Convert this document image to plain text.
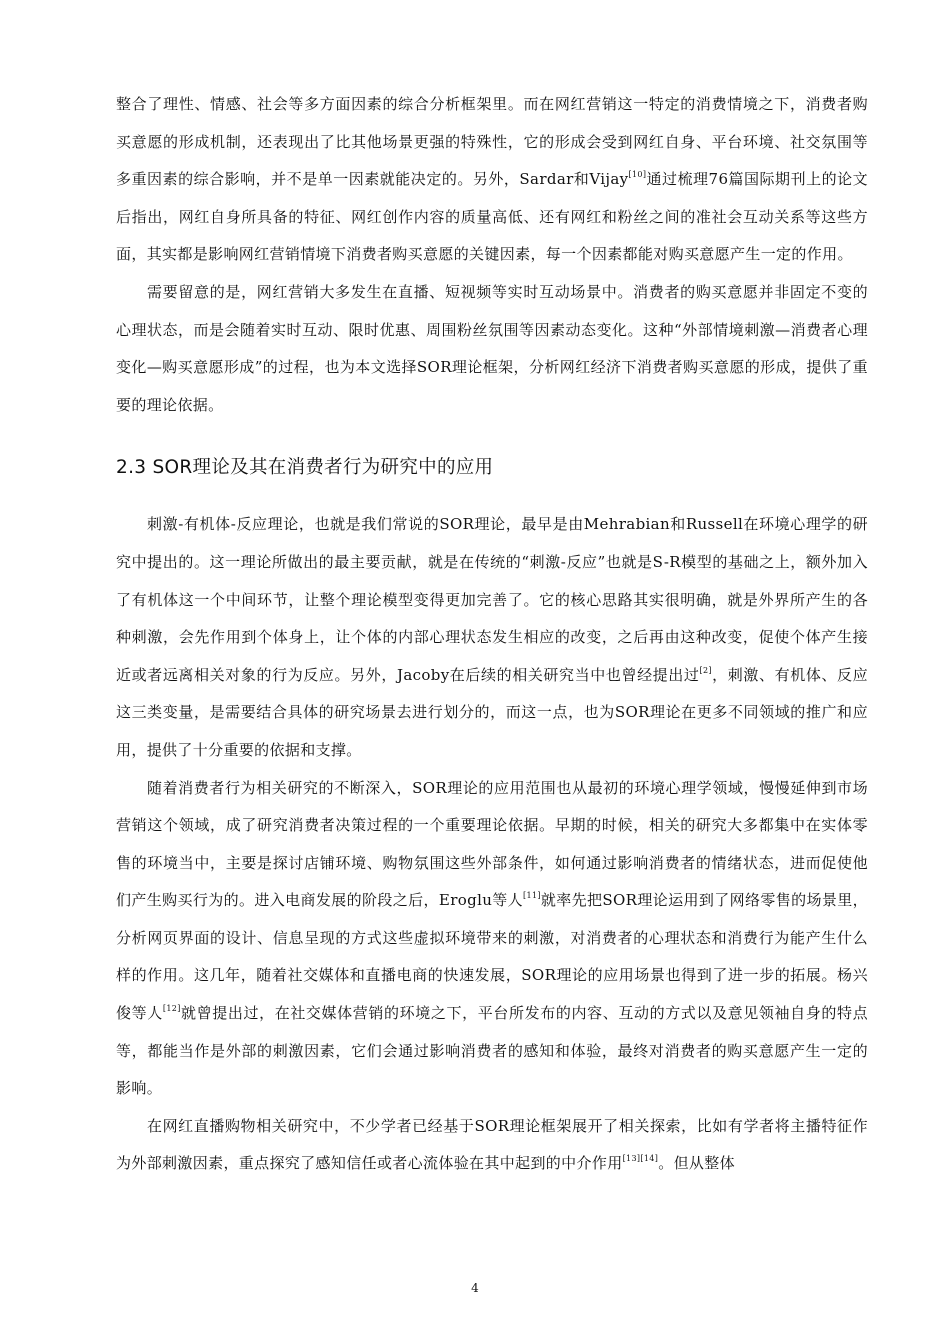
整合了理性、情感、社会等多方面因素的综合分析框架里。而在网红营销这一特定的消费情境之下，消费者购买意愿的形成机制，还表现出了比其他场景更强的特殊性，它的形成会受到网红自身、平台环境、社交氛围等多重因素的综合影响，并不是单一因素就能决定的。另外，Sardar和Vijay[10]通过梳理76篇国际期刊上的论文后指出，网红自身所具备的特征、网红创作内容的质量高低、还有网红和粉丝之间的准社会互动关系等这些方面，其实都是影响网红营销情境下消费者购买意愿的关键因素，每一个因素都能对购买意愿产生一定的作用。

需要留意的是，网红营销大多发生在直播、短视频等实时互动场景中。消费者的购买意愿并非固定不变的心理状态，而是会随着实时互动、限时优惠、周围粉丝氛围等因素动态变化。这种“外部情境刺激—消费者心理变化—购买意愿形成”的过程，也为本文选择SOR理论框架，分析网红经济下消费者购买意愿的形成，提供了重要的理论依据。

2.3 SOR理论及其在消费者行为研究中的应用

刺激-有机体-反应理论，也就是我们常说的SOR理论，最早是由Mehrabian和Russell在环境心理学的研究中提出的。这一理论所做出的最主要贡献，就是在传统的“刺激-反应”也就是S-R模型的基础之上，额外加入了有机体这一个中间环节，让整个理论模型变得更加完善了。它的核心思路其实很明确，就是外界所产生的各种刺激，会先作用到个体身上，让个体的内部心理状态发生相应的改变，之后再由这种改变，促使个体产生接近或者远离相关对象的行为反应。另外，Jacoby在后续的相关研究当中也曾经提出过[2]，刺激、有机体、反应这三类变量，是需要结合具体的研究场景去进行划分的，而这一点，也为SOR理论在更多不同领域的推广和应用，提供了十分重要的依据和支撑。

随着消费者行为相关研究的不断深入，SOR理论的应用范围也从最初的环境心理学领域，慢慢延伸到市场营销这个领域，成了研究消费者决策过程的一个重要理论依据。早期的时候，相关的研究大多都集中在实体零售的环境当中，主要是探讨店铺环境、购物氛围这些外部条件，如何通过影响消费者的情绪状态，进而促使他们产生购买行为的。进入电商发展的阶段之后，Eroglu等人[11]就率先把SOR理论运用到了网络零售的场景里，分析网页界面的设计、信息呈现的方式这些虚拟环境带来的刺激，对消费者的心理状态和消费行为能产生什么样的作用。这几年，随着社交媒体和直播电商的快速发展，SOR理论的应用场景也得到了进一步的拓展。杨兴俊等人[12]就曾提出过，在社交媒体营销的环境之下，平台所发布的内容、互动的方式以及意见领袖自身的特点等，都能当作是外部的刺激因素，它们会通过影响消费者的感知和体验，最终对消费者的购买意愿产生一定的影响。

在网红直播购物相关研究中，不少学者已经基于SOR理论框架展开了相关探索，比如有学者将主播特征作为外部刺激因素，重点探究了感知信任或者心流体验在其中起到的中介作用[13][14]。但从整体

4
